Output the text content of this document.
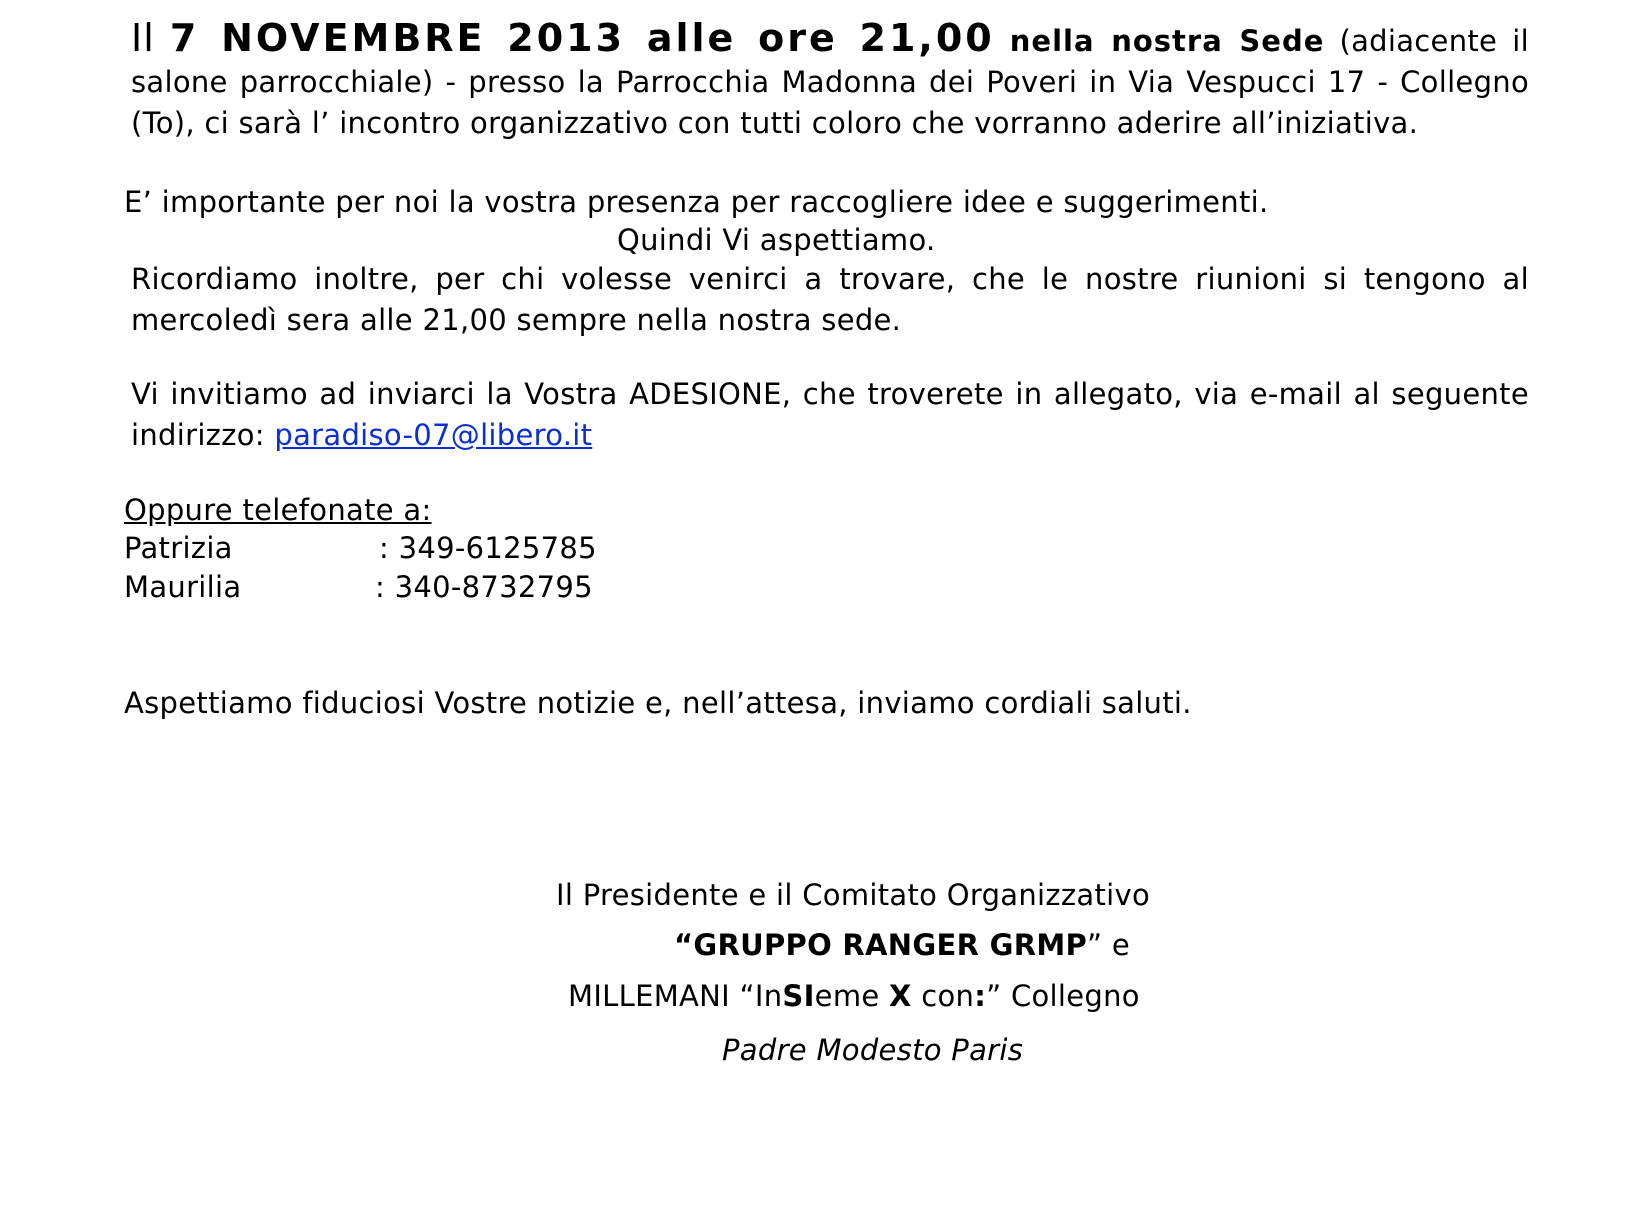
Il 7 NOVEMBRE 2013 alle ore 21,00 nella nostra Sede (adiacente il salone parrocchiale) - presso la Parrocchia Madonna dei Poveri in Via Vespucci 17 - Collegno (To), ci sarà l’ incontro organizzativo con tutti coloro che vorranno aderire all’iniziativa.
E’ importante per noi la vostra presenza per raccogliere idee e suggerimenti.
Quindi Vi aspettiamo.
Ricordiamo inoltre, per chi volesse venirci a trovare, che le nostre riunioni si tengono al mercoledì sera alle 21,00 sempre nella nostra sede.
Vi invitiamo ad inviarci la Vostra ADESIONE, che troverete in allegato, via e-mail al seguente indirizzo: paradiso-07@libero.it
Oppure telefonate a:
Patrizia	: 349-6125785
Maurilia	: 340-8732795
Aspettiamo fiduciosi Vostre notizie e, nell’attesa, inviamo cordiali saluti.
Il Presidente e il Comitato Organizzativo
“GRUPPO RANGER GRMP” e
MILLEMANI “InSIeme X con:” Collegno
Padre Modesto Paris
